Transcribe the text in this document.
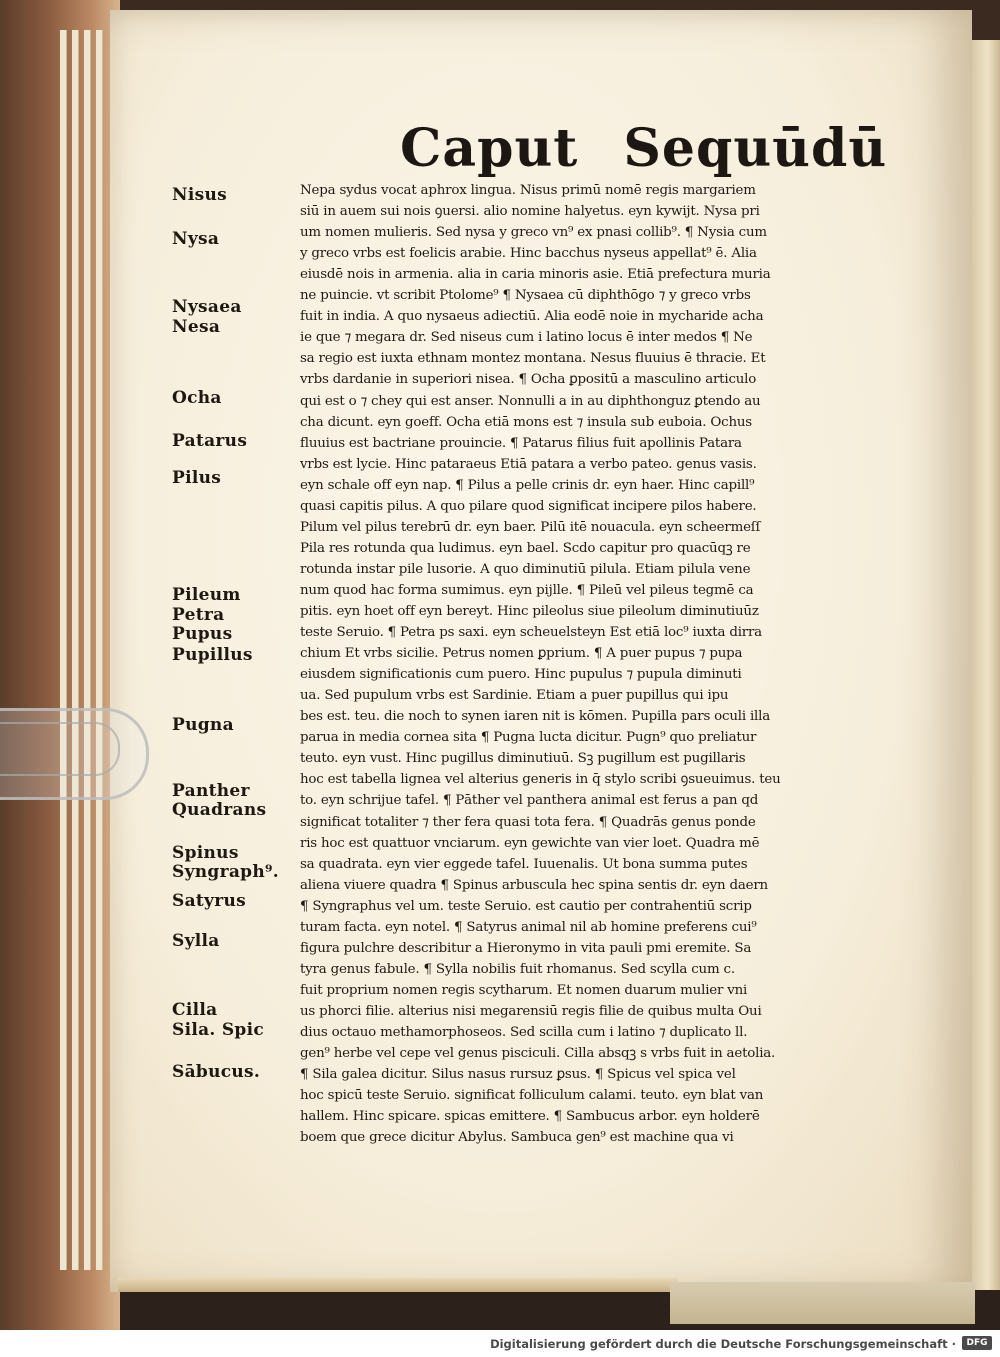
Caput Sequūdū
Nisus
Nysa
Nysaea
Nesa
Ocha
Patarus
Pilus
Pileum
Petra
Pupus
Pupillus
Pugna
Panther
Quadrans
Spinus
Syngraph⁹.
Satyrus
Sylla
Cilla
Sila. Spic
Sābucus.
Nepa sydus vocat aphrox lingua. Nisus primū nomē regis margariem
siū in auem sui nois ꝯuersi. alio nomine halyetus. eyn kywijt. Nysa pri
um nomen mulieris. Sed nysa y greco vn⁹ ex pnasi collib⁹. ¶ Nysia cum
y greco vrbs est foelicis arabie. Hinc bacchus nyseus appellat⁹ ē. Alia
eiusdē nois in armenia. alia in caria minoris asie. Etiā prefectura muria
ne puincie. vt scribit Ptolome⁹ ¶ Nysaea cū diphthōgo ⁊ y greco vrbs
fuit in india. A quo nysaeus adiectiū. Alia eodē noie in mycharide acha
ie que ⁊ megara dr. Sed niseus cum i latino locus ē inter medos ¶ Ne
sa regio est iuxta ethnam montez montana. Nesus fluuius ē thracie. Et
vrbs dardanie in superiori nisea. ¶ Ocha ꝑpositū a masculino articulo
qui est o ⁊ chey qui est anser. Nonnulli a in au diphthonguz ꝑtendo au
cha dicunt. eyn goeff. Ocha etiā mons est ⁊ insula sub euboia. Ochus
fluuius est bactriane prouincie. ¶ Patarus filius fuit apollinis Patara
vrbs est lycie. Hinc pataraeus Etiā patara a verbo pateo. genus vasis.
eyn schale off eyn nap. ¶ Pilus a pelle crinis dr. eyn haer. Hinc capill⁹
quasi capitis pilus. A quo pilare quod significat incipere pilos habere.
Pilum vel pilus terebrū dr. eyn baer. Pilū itē nouacula. eyn scheermeſſ
Pila res rotunda qua ludimus. eyn bael. Scdo capitur pro quacūqꝫ re
rotunda instar pile lusorie. A quo diminutiū pilula. Etiam pilula vene
num quod hac forma sumimus. eyn pijlle. ¶ Pileū vel pileus tegmē ca
pitis. eyn hoet off eyn bereyt. Hinc pileolus siue pileolum diminutiuūz
teste Seruio. ¶ Petra ps saxi. eyn scheuelsteyn Est etiā loc⁹ iuxta dirra
chium Et vrbs sicilie. Petrus nomen ꝑprium. ¶ A puer pupus ⁊ pupa
eiusdem significationis cum puero. Hinc pupulus ⁊ pupula diminuti
ua. Sed pupulum vrbs est Sardinie. Etiam a puer pupillus qui ipu
bes est. teu. die noch to synen iaren nit is kōmen. Pupilla pars oculi illa
parua in media cornea sita ¶ Pugna lucta dicitur. Pugn⁹ quo preliatur
teuto. eyn vust. Hinc pugillus diminutiuū. Sꝫ pugillum est pugillaris
hoc est tabella lignea vel alterius generis in q̄ stylo scribi ꝯsueuimus. teu
to. eyn schrijue tafel. ¶ Pāther vel panthera animal est ferus a pan qd
significat totaliter ⁊ ther fera quasi tota fera. ¶ Quadrās genus ponde
ris hoc est quattuor vnciarum. eyn gewichte van vier loet. Quadra mē
sa quadrata. eyn vier eggede tafel. Iuuenalis. Ut bona summa putes
aliena viuere quadra ¶ Spinus arbuscula hec spina sentis dr. eyn daern
¶ Syngraphus vel um. teste Seruio. est cautio per contrahentiū scrip
turam facta. eyn notel. ¶ Satyrus animal nil ab homine preferens cui⁹
figura pulchre describitur a Hieronymo in vita pauli pmi eremite. Sa
tyra genus fabule. ¶ Sylla nobilis fuit rhomanus. Sed scylla cum c.
fuit proprium nomen regis scytharum. Et nomen duarum mulier vni
us phorci filie. alterius nisi megarensiū regis filie de quibus multa Oui
dius octauo methamorphoseos. Sed scilla cum i latino ⁊ duplicato ll.
gen⁹ herbe vel cepe vel genus pisciculi. Cilla absqꝫ s vrbs fuit in aetolia.
¶ Sila galea dicitur. Silus nasus rursuz ꝑsus. ¶ Spicus vel spica vel
hoc spicū teste Seruio. significat folliculum calami. teuto. eyn blat van
hallem. Hinc spicare. spicas emittere. ¶ Sambucus arbor. eyn holderē
boem que grece dicitur Abylus. Sambuca gen⁹ est machine qua vi
Digitalisierung gefördert durch die Deutsche Forschungsgemeinschaft ·	DFG
